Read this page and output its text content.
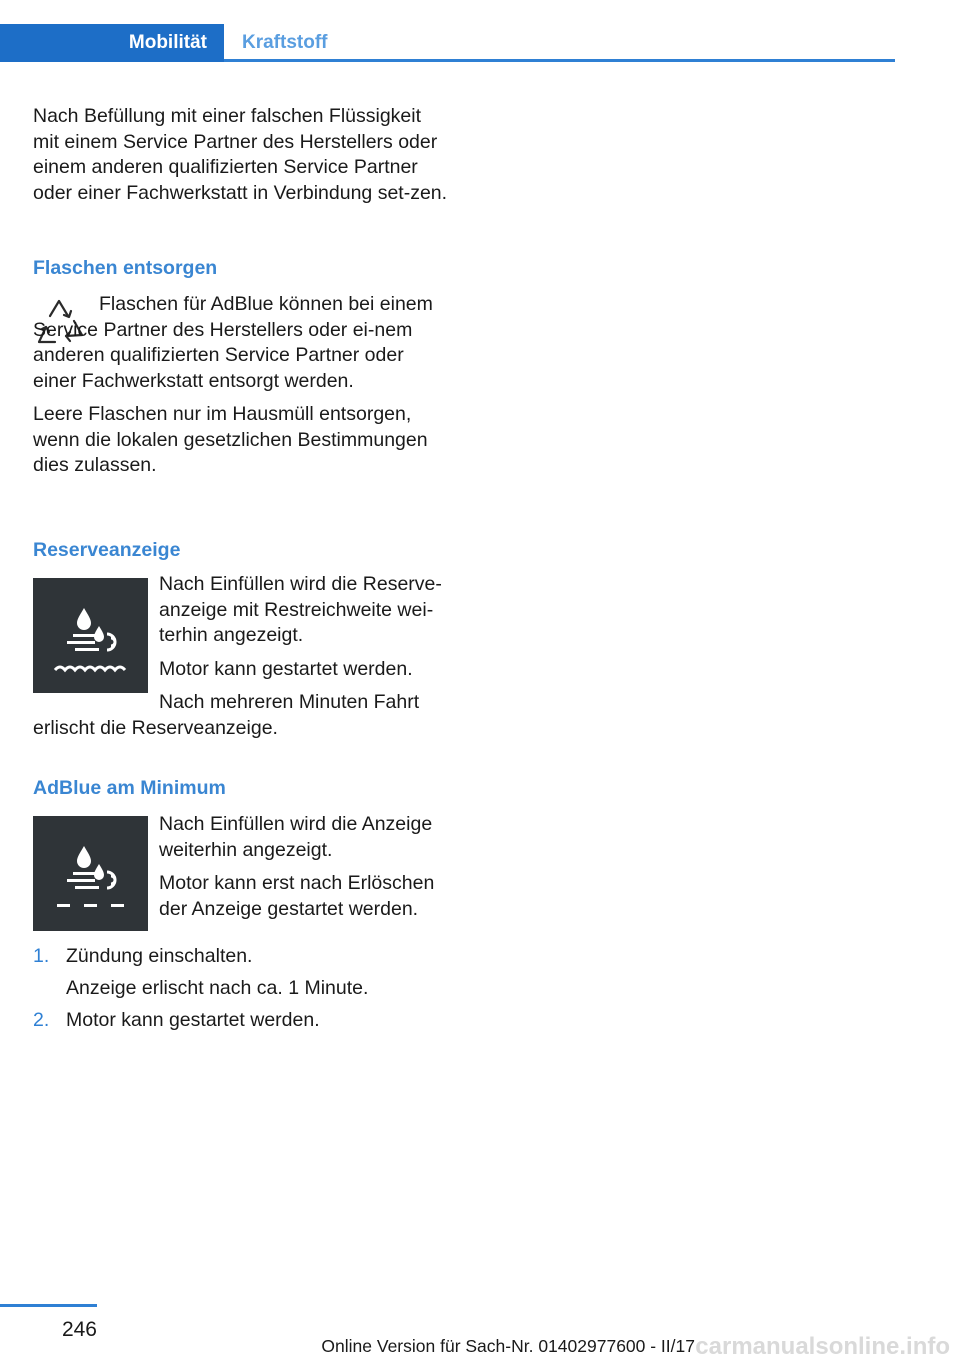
Mobilität	Kraftstoff

Nach Befüllung mit einer falschen Flüssigkeit mit einem Service Partner des Herstellers oder einem anderen qualifizierten Service Partner oder einer Fachwerkstatt in Verbindung set‐zen.

Flaschen entsorgen

Flaschen für AdBlue können bei einem Service Partner des Herstellers oder ei‐nem anderen qualifizierten Service Partner oder einer Fachwerkstatt entsorgt werden.

Leere Flaschen nur im Hausmüll entsorgen, wenn die lokalen gesetzlichen Bestimmungen dies zulassen.

Reserveanzeige

Nach Einfüllen wird die Reserve‐anzeige mit Restreichweite wei‐terhin angezeigt.

Motor kann gestartet werden.

Nach mehreren Minuten Fahrt erlischt die Reserveanzeige.

AdBlue am Minimum

Nach Einfüllen wird die Anzeige weiterhin angezeigt.

Motor kann erst nach Erlöschen der Anzeige gestartet werden.

1. Zündung einschalten.
Anzeige erlischt nach ca. 1 Minute.
2. Motor kann gestartet werden.
246
Online Version für Sach-Nr. 01402977600 - II/17 carmanualsonline.info
